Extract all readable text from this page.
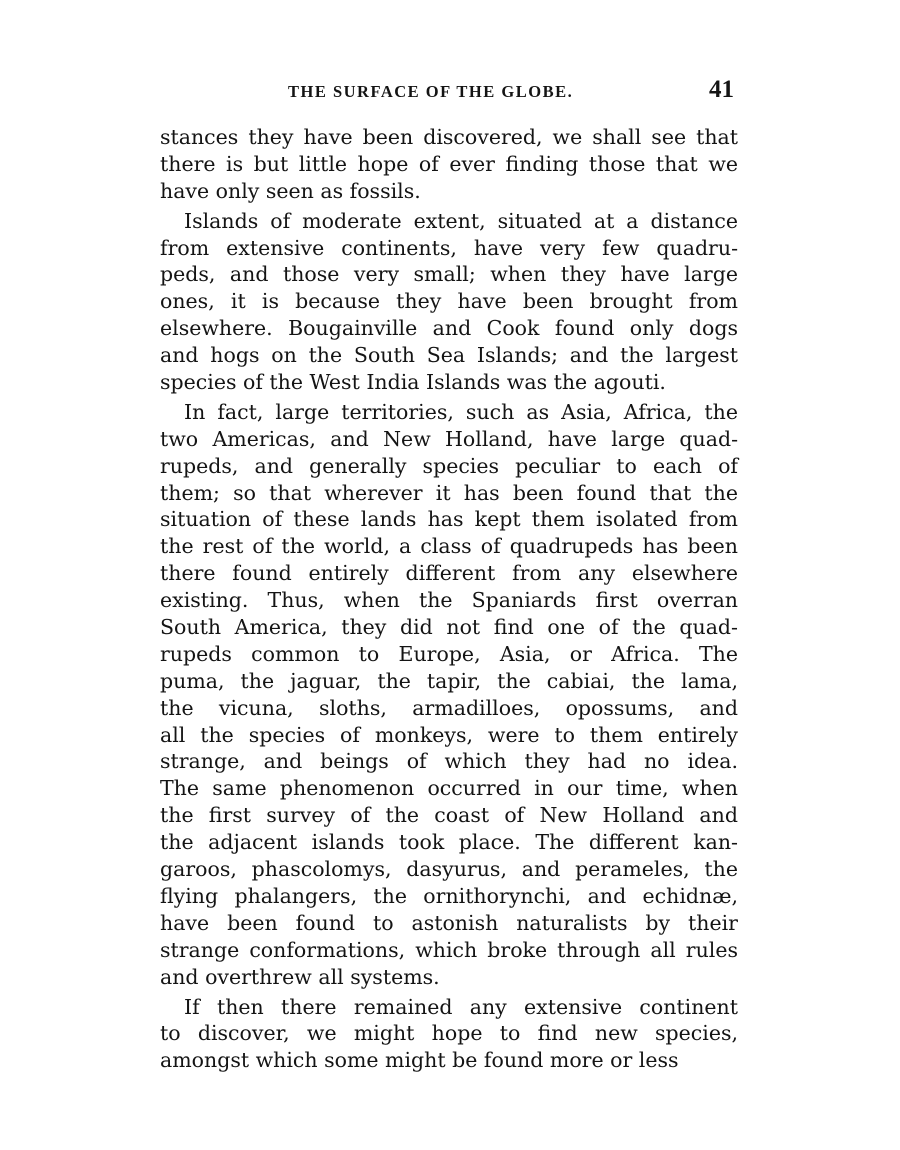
THE SURFACE OF THE GLOBE.	41
stances they have been discovered, we shall see that
there is but little hope of ever finding those that we
have only seen as fossils.
Islands of moderate extent, situated at a distance
from extensive continents, have very few quadru-
peds, and those very small; when they have large
ones, it is because they have been brought from
elsewhere. Bougainville and Cook found only dogs
and hogs on the South Sea Islands; and the largest
species of the West India Islands was the agouti.
In fact, large territories, such as Asia, Africa, the
two Americas, and New Holland, have large quad-
rupeds, and generally species peculiar to each of
them; so that wherever it has been found that the
situation of these lands has kept them isolated from
the rest of the world, a class of quadrupeds has been
there found entirely different from any elsewhere
existing. Thus, when the Spaniards first overran
South America, they did not find one of the quad-
rupeds common to Europe, Asia, or Africa. The
puma, the jaguar, the tapir, the cabiai, the lama,
the vicuna, sloths, armadilloes, opossums, and
all the species of monkeys, were to them entirely
strange, and beings of which they had no idea.
The same phenomenon occurred in our time, when
the first survey of the coast of New Holland and
the adjacent islands took place. The different kan-
garoos, phascolomys, dasyurus, and perameles, the
flying phalangers, the ornithorynchi, and echidnæ,
have been found to astonish naturalists by their
strange conformations, which broke through all rules
and overthrew all systems.
If then there remained any extensive continent
to discover, we might hope to find new species,
amongst which some might be found more or less
